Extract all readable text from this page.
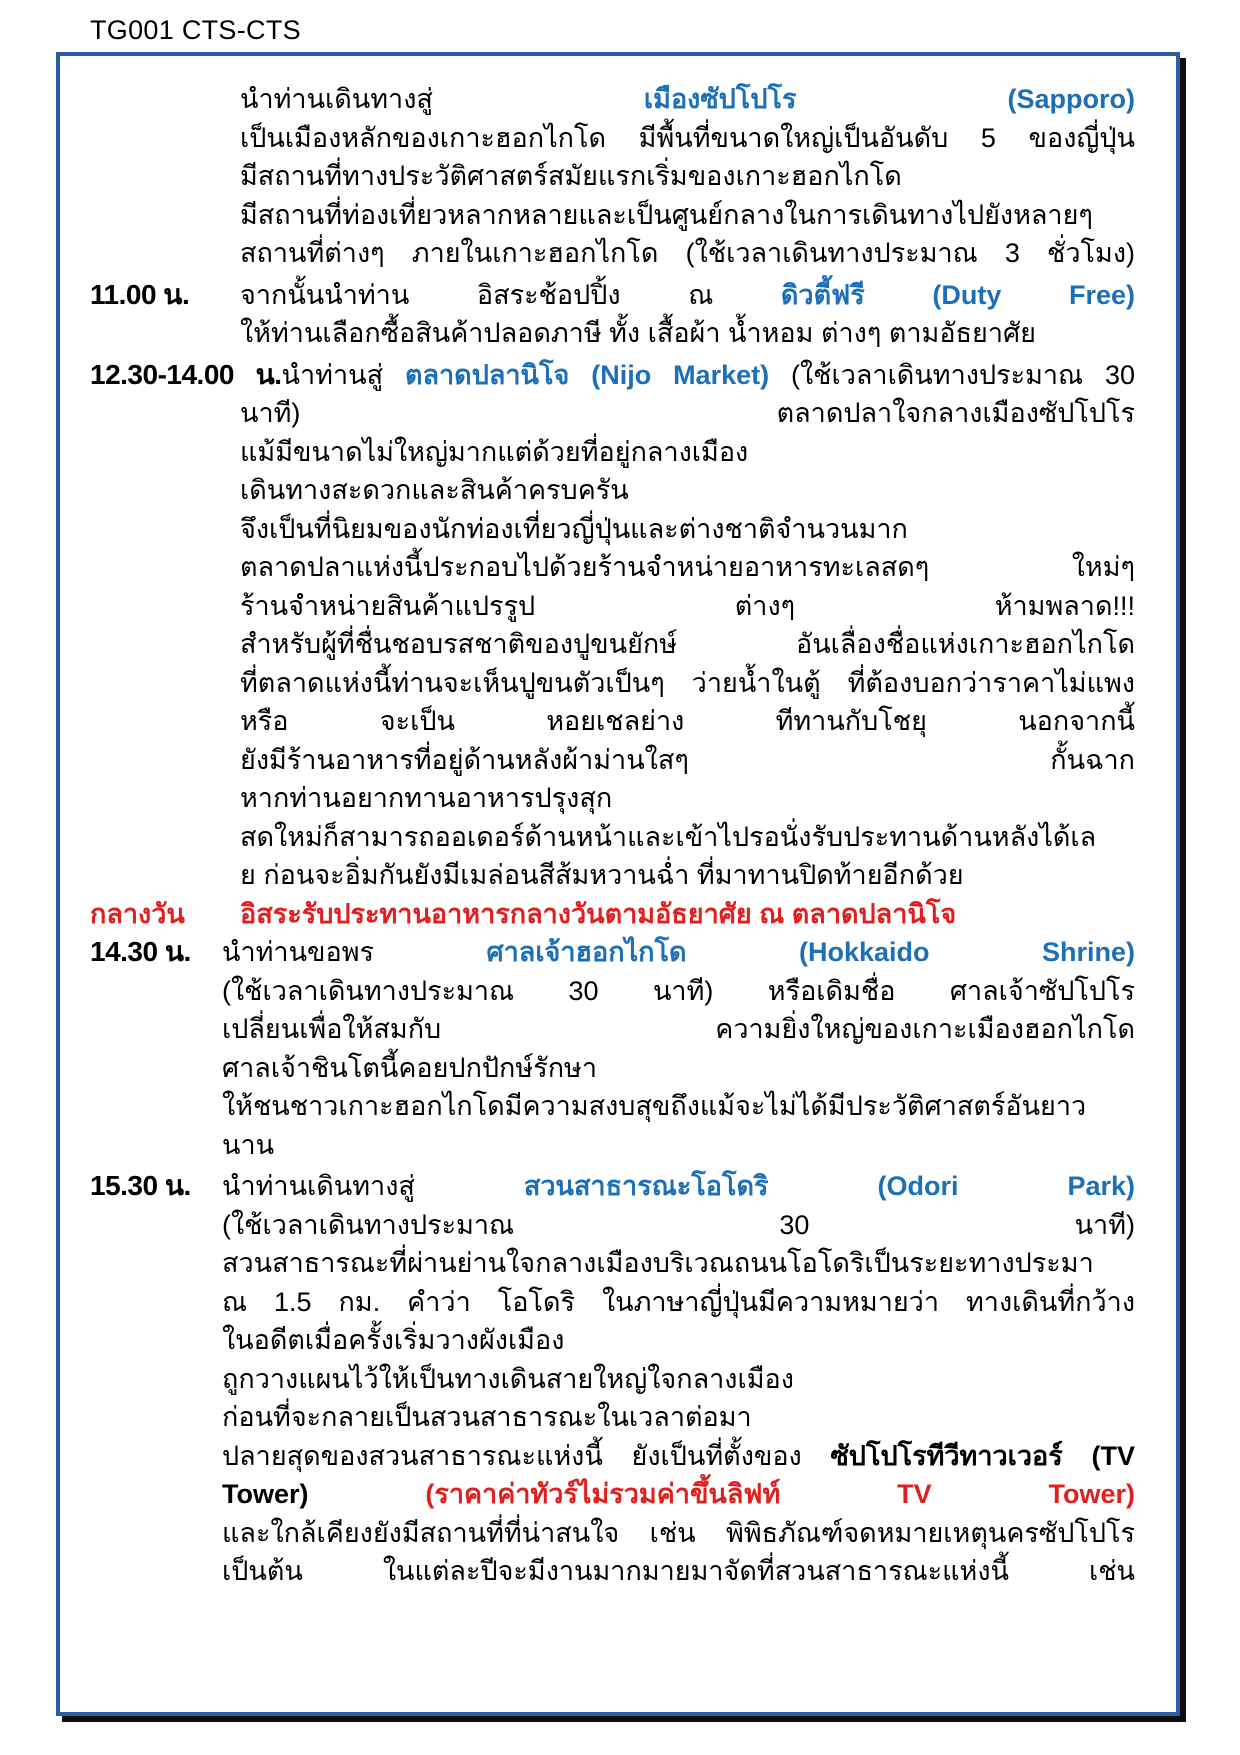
TG001 CTS-CTS
นำท่านเดินทางสู่ เมืองซัปโปโร (Sapporo)
เป็นเมืองหลักของเกาะฮอกไกโด มีพื้นที่ขนาดใหญ่เป็นอันดับ 5 ของญี่ปุ่น
มีสถานที่ทางประวัติศาสตร์สมัยแรกเริ่มของเกาะฮอกไกโด
มีสถานที่ท่องเที่ยวหลากหลายและเป็นศูนย์กลางในการเดินทางไปยังหลายๆ
สถานที่ต่างๆ ภายในเกาะฮอกไกโด (ใช้เวลาเดินทางประมาณ 3 ชั่วโมง)
11.00 น.	จากนั้นนำท่าน อิสระช้อปปิ้ง ณ ดิวตี้ฟรี (Duty Free)
ให้ท่านเลือกซื้อสินค้าปลอดภาษี ทั้ง เสื้อผ้า น้ำหอม ต่างๆ ตามอัธยาศัย
12.30-14.00 น.นำท่านสู่ ตลาดปลานิโจ (Nijo Market) (ใช้เวลาเดินทางประมาณ 30
นาที) ตลาดปลาใจกลางเมืองซัปโปโร
แม้มีขนาดไม่ใหญ่มากแต่ด้วยที่อยู่กลางเมือง
เดินทางสะดวกและสินค้าครบครัน
จึงเป็นที่นิยมของนักท่องเที่ยวญี่ปุ่นและต่างชาติจำนวนมาก
ตลาดปลาแห่งนี้ประกอบไปด้วยร้านจำหน่ายอาหารทะเลสดๆ ใหม่ๆ
ร้านจำหน่ายสินค้าแปรรูป ต่างๆ ห้ามพลาด!!!
สำหรับผู้ที่ชื่นชอบรสชาติของปูขนยักษ์ อันเลื่องชื่อแห่งเกาะฮอกไกโด
ที่ตลาดแห่งนี้ท่านจะเห็นปูขนตัวเป็นๆ ว่ายน้ำในตู้ ที่ต้องบอกว่าราคาไม่แพง
หรือ จะเป็น หอยเชลย่าง ทีทานกับโชยุ นอกจากนี้
ยังมีร้านอาหารที่อยู่ด้านหลังผ้าม่านใสๆ กั้นฉาก
หากท่านอยากทานอาหารปรุงสุก
สดใหม่ก็สามารถออเดอร์ด้านหน้าและเข้าไปรอนั่งรับประทานด้านหลังได้เล
ย ก่อนจะอิ่มกันยังมีเมล่อนสีส้มหวานฉ่ำ ที่มาทานปิดท้ายอีกด้วย
กลางวัน	อิสระรับประทานอาหารกลางวันตามอัธยาศัย ณ ตลาดปลานิโจ
14.30 น.	นำท่านขอพร ศาลเจ้าฮอกไกโด (Hokkaido Shrine)
(ใช้เวลาเดินทางประมาณ 30 นาที) หรือเดิมชื่อ ศาลเจ้าซัปโปโร
เปลี่ยนเพื่อให้สมกับ ความยิ่งใหญ่ของเกาะเมืองฮอกไกโด
ศาลเจ้าชินโตนี้คอยปกปักษ์รักษา
ให้ชนชาวเกาะฮอกไกโดมีความสงบสุขถึงแม้จะไม่ได้มีประวัติศาสตร์อันยาว
นาน
15.30 น.	นำท่านเดินทางสู่ สวนสาธารณะโอโดริ (Odori Park)
(ใช้เวลาเดินทางประมาณ 30 นาที)
สวนสาธารณะที่ผ่านย่านใจกลางเมืองบริเวณถนนโอโดริเป็นระยะทางประมา
ณ 1.5 กม. คำว่า โอโดริ ในภาษาญี่ปุ่นมีความหมายว่า ทางเดินที่กว้าง
ในอดีตเมื่อครั้งเริ่มวางผังเมือง
ถูกวางแผนไว้ให้เป็นทางเดินสายใหญ่ใจกลางเมือง
ก่อนที่จะกลายเป็นสวนสาธารณะในเวลาต่อมา
ปลายสุดของสวนสาธารณะแห่งนี้ ยังเป็นที่ตั้งของ ซัปโปโรทีวีทาวเวอร์ (TV
Tower) (ราคาค่าทัวร์ไม่รวมค่าขึ้นลิฟท์ TV Tower)
และใกล้เคียงยังมีสถานที่ที่น่าสนใจ เช่น พิพิธภัณฑ์จดหมายเหตุนครซัปโปโร
เป็นต้น ในแต่ละปีจะมีงานมากมายมาจัดที่สวนสาธารณะแห่งนี้ เช่น
